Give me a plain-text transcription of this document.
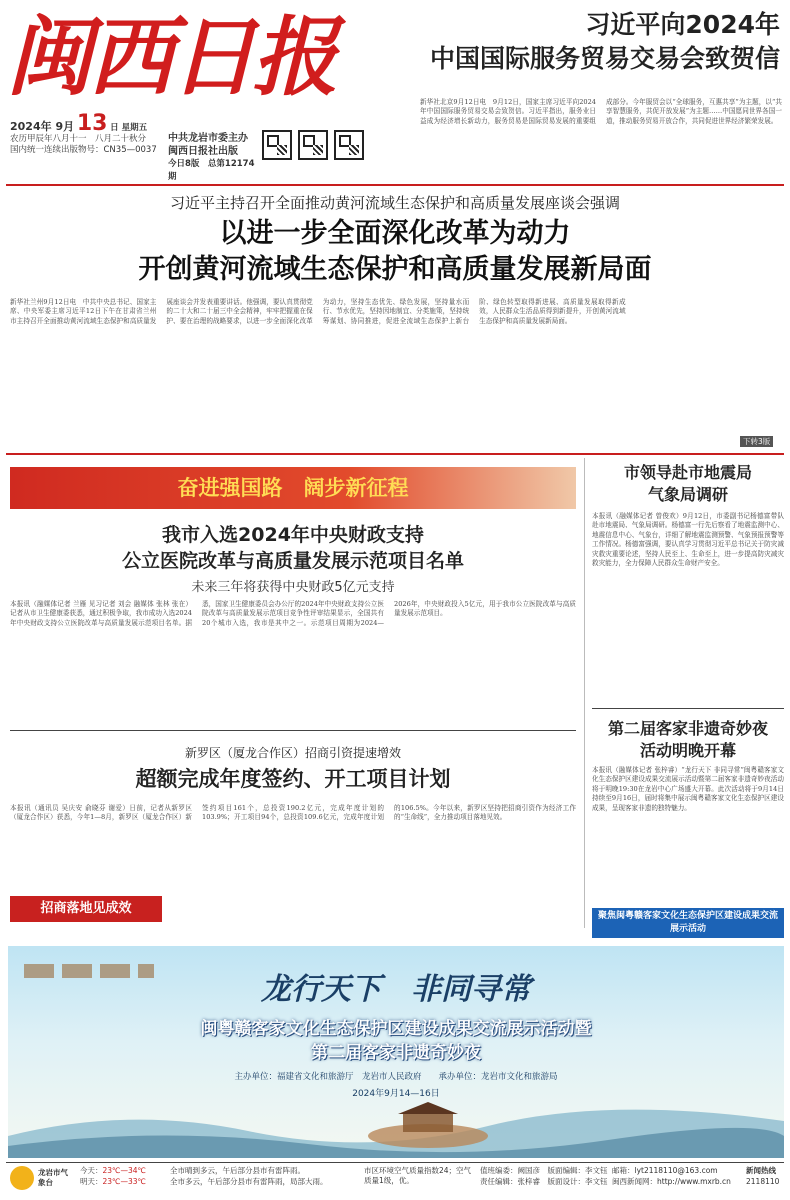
闽西日报
2024年 9月 13 日 星期五
农历甲辰年八月十一　八月二十秋分
国内统一连续出版物号：CN35—0037
中共龙岩市委主办
闽西日报社出版
今日8版　总第12174期
习近平向2024年
中国国际服务贸易交易会致贺信
新华社北京9月12日电　9月12日，国家主席习近平向2024年中国国际服务贸易交易会致贺信。习近平指出，服务业日益成为经济增长新动力，服务贸易是国际贸易发展的重要组成部分。今年服贸会以“全球服务，互惠共享”为主题，以“共享智慧服务，共促开放发展”为主题……中国愿同世界各国一道，推动服务贸易开放合作，共同促进世界经济繁荣发展。
习近平主持召开全面推动黄河流域生态保护和高质量发展座谈会强调
以进一步全面深化改革为动力
开创黄河流域生态保护和高质量发展新局面
新华社兰州9月12日电　中共中央总书记、国家主席、中央军委主席习近平12日下午在甘肃省兰州市主持召开全面推动黄河流域生态保护和高质量发展座谈会并发表重要讲话。他强调，要认真贯彻党的二十大和二十届三中全会精神，牢牢把握重在保护、要在治理的战略要求，以进一步全面深化改革为动力，坚持生态优先、绿色发展，坚持量水而行、节水优先，坚持因地制宜、分类施策，坚持统筹谋划、协同推进，促进全流域生态保护上新台阶、绿色转型取得新进展、高质量发展取得新成效，人民群众生活品质得到新提升，开创黄河流域生态保护和高质量发展新局面。
下转3版
奋进强国路　阔步新征程
我市入选2024年中央财政支持
公立医院改革与高质量发展示范项目名单
未来三年将获得中央财政5亿元支持
本报讯（融媒体记者 兰雁 见习记者 刘会 融媒体 张林 张在） 记者从市卫生健康委获悉，通过积极争取，我市成功入选2024年中央财政支持公立医院改革与高质量发展示范项目名单。据悉，国家卫生健康委员会办公厅的2024年中央财政支持公立医院改革与高质量发展示范项目竞争性评审结果显示，全国共有20个城市入选，我市是其中之一。示范项目周期为2024—2026年，中央财政投入5亿元，用于我市公立医院改革与高质量发展示范项目。
新罗区（厦龙合作区）招商引资提速增效
超额完成年度签约、开工项目计划
本报讯（通讯员 吴庆安 俞晓芬 谢爱）日前，记者从新罗区（厦龙合作区）获悉，今年1—8月，新罗区（厦龙合作区）新签约项目161个，总投资190.2亿元，完成年度计划的103.9%；开工项目94个，总投资109.6亿元，完成年度计划的106.5%。今年以来，新罗区坚持把招商引资作为经济工作的“生命线”，全力推动项目落地见效。
招商落地见成效
市领导赴市地震局
气象局调研
本报讯（融媒体记者 曾俊欢）9月12日，市委副书记杨德富带队赴市地震局、气象局调研。杨德富一行先后察看了地震监测中心、地震信息中心、气象台，详细了解地震监测预警、气象预报预警等工作情况。杨德富强调，要认真学习贯彻习近平总书记关于防灾减灾救灾重要论述，坚持人民至上、生命至上，进一步提高防灾减灾救灾能力，全力保障人民群众生命财产安全。
第二届客家非遗奇妙夜
活动明晚开幕
本报讯（融媒体记者 张梓睿）“龙行天下 非同寻常”闽粤赣客家文化生态保护区建设成果交流展示活动暨第二届客家非遗奇妙夜活动将于明晚19:30在龙岩中心广场盛大开幕。此次活动将于9月14日持续至9月16日，届时将集中展示闽粤赣客家文化生态保护区建设成果，呈现客家非遗的独特魅力。
聚焦闽粤赣客家文化生态保护区建设成果交流展示活动
龙行天下　非同寻常
闽粤赣客家文化生态保护区建设成果交流展示活动暨
第二届客家非遗奇妙夜
主办单位：福建省文化和旅游厅　龙岩市人民政府　　承办单位：龙岩市文化和旅游局
2024年9月14—16日
龙岩市气象台
今天：23℃—34℃
明天：23℃—33℃
全市晴到多云，午后部分县市有雷阵雨。
全市多云，午后部分县市有雷阵雨，局部大雨。
市区环境空气质量指数24；空气质量1级，优。
值班编委：阙国彦　版面编辑：李文钰
责任编辑：张梓睿　版面设计：李文钰
邮箱：lyt2118110@163.com
闽西新闻网：http://www.mxrb.cn
新闻热线
2118110
